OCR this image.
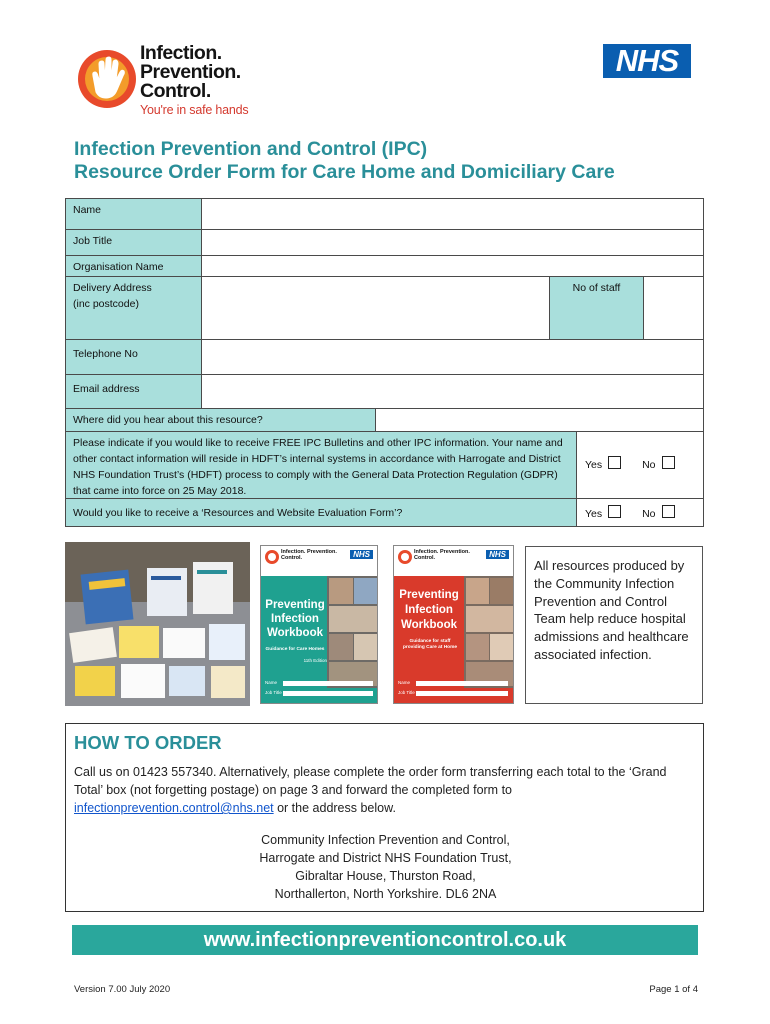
Infection.
Prevention.
Control.
You're in safe hands
NHS
Infection Prevention and Control (IPC)
Resource Order Form for Care Home and Domiciliary Care
Name
Job Title
Organisation Name
Delivery Address
(inc postcode)
No of staff
Telephone No
Email address
Where did you hear about this resource?
Please indicate if you would like to receive FREE IPC Bulletins and other IPC information. Your name and other contact information will reside in HDFT’s internal systems in accordance with Harrogate and District NHS Foundation Trust’s (HDFT) process to comply with the General Data Protection Regulation (GDPR) that came into force on 25 May 2018.
Yes	No
Would you like to receive a ‘Resources and Website Evaluation Form’?	Yes	No
Infection. Prevention. Control.	NHS
Preventing
Infection
Workbook
Guidance for Care Homes
11th Edition
Name
Job Title
Infection. Prevention. Control.	NHS
Preventing
Infection
Workbook
Guidance for staff providing Care at Home
Name
Job Title
All resources produced by the Community Infection Prevention and Control Team help reduce hospital admissions and healthcare associated infection.
HOW TO ORDER
Call us on 01423 557340. Alternatively, please complete the order form transferring each total to the ‘Grand Total’ box (not forgetting postage) on page 3 and forward the completed form to infectionprevention.control@nhs.net or the address below.
Community Infection Prevention and Control,
Harrogate and District NHS Foundation Trust,
Gibraltar House, Thurston Road,
Northallerton, North Yorkshire. DL6 2NA
www.infectionpreventioncontrol.co.uk
Version 7.00 July 2020	Page 1 of 4
